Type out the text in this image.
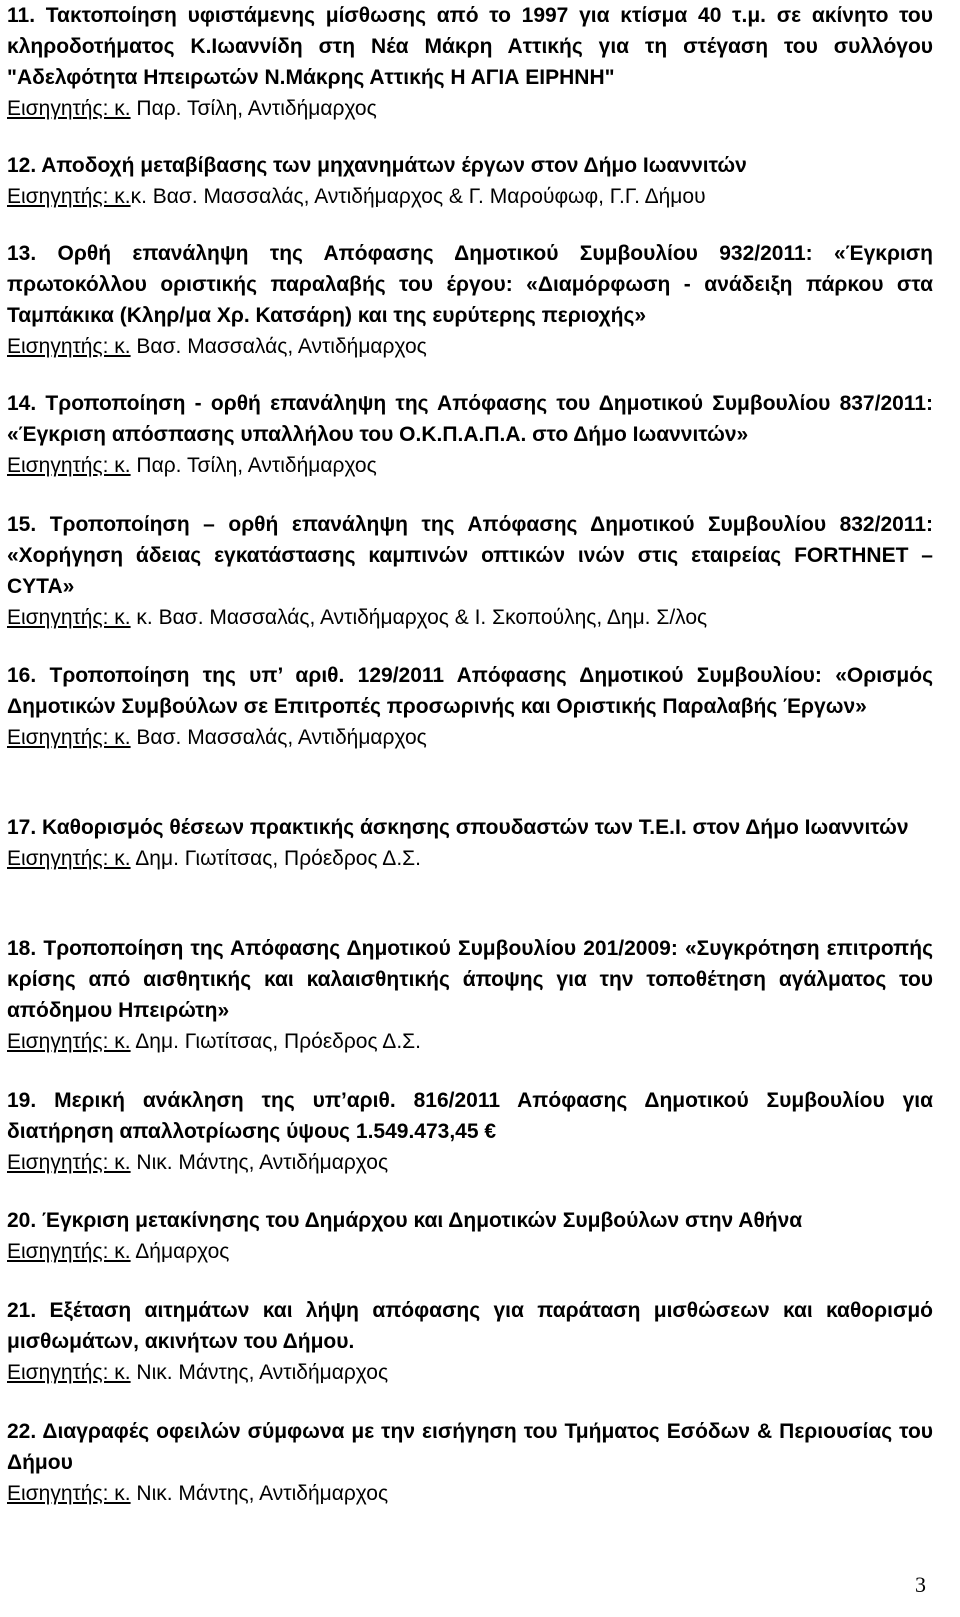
11. Τακτοποίηση υφιστάμενης μίσθωσης από το 1997 για κτίσμα 40 τ.μ. σε ακίνητο του κληροδοτήματος Κ.Ιωαννίδη στη Νέα Μάκρη Αττικής για τη στέγαση του συλλόγου "Αδελφότητα Ηπειρωτών Ν.Μάκρης Αττικής Η ΑΓΙΑ ΕΙΡΗΝΗ"
Εισηγητής: κ. Παρ. Τσίλη, Αντιδήμαρχος
12. Αποδοχή μεταβίβασης των μηχανημάτων έργων στον Δήμο Ιωαννιτών
Εισηγητής: κ.κ. Βασ. Μασσαλάς, Αντιδήμαρχος & Γ. Μαρούφωφ, Γ.Γ. Δήμου
13. Ορθή επανάληψη της Απόφασης Δημοτικού Συμβουλίου 932/2011: «Έγκριση πρωτοκόλλου οριστικής παραλαβής του έργου: «Διαμόρφωση - ανάδειξη πάρκου στα Ταμπάκικα (Κληρ/μα Χρ. Κατσάρη) και της ευρύτερης περιοχής»
Εισηγητής: κ. Βασ. Μασσαλάς, Αντιδήμαρχος
14. Τροποποίηση - ορθή επανάληψη της Απόφασης του Δημοτικού Συμβουλίου 837/2011: «Έγκριση απόσπασης υπαλλήλου του Ο.Κ.Π.Α.Π.Α. στο Δήμο Ιωαννιτών»
Εισηγητής: κ. Παρ. Τσίλη, Αντιδήμαρχος
15. Τροποποίηση – ορθή επανάληψη της Απόφασης Δημοτικού Συμβουλίου 832/2011: «Χορήγηση άδειας εγκατάστασης καμπινών οπτικών ινών στις εταιρείας FORTHNET – CYTA»
Εισηγητής: κ. κ. Βασ. Μασσαλάς, Αντιδήμαρχος & Ι. Σκοπούλης, Δημ. Σ/λος
16. Τροποποίηση της υπ’ αριθ. 129/2011 Απόφασης Δημοτικού Συμβουλίου: «Ορισμός Δημοτικών Συμβούλων σε Επιτροπές προσωρινής και Οριστικής Παραλαβής Έργων»
Εισηγητής: κ. Βασ. Μασσαλάς, Αντιδήμαρχος
17. Καθορισμός θέσεων πρακτικής άσκησης σπουδαστών των Τ.Ε.Ι. στον Δήμο Ιωαννιτών
Εισηγητής: κ. Δημ. Γιωτίτσας, Πρόεδρος Δ.Σ.
18. Τροποποίηση της Απόφασης Δημοτικού Συμβουλίου 201/2009: «Συγκρότηση επιτροπής κρίσης από αισθητικής και καλαισθητικής άποψης για την τοποθέτηση αγάλματος του απόδημου Ηπειρώτη»
Εισηγητής: κ. Δημ. Γιωτίτσας, Πρόεδρος Δ.Σ.
19. Μερική ανάκληση της υπ’αριθ. 816/2011 Απόφασης Δημοτικού Συμβουλίου για διατήρηση απαλλοτρίωσης ύψους 1.549.473,45 €
Εισηγητής: κ. Νικ. Μάντης, Αντιδήμαρχος
20. Έγκριση μετακίνησης του Δημάρχου και Δημοτικών Συμβούλων στην Αθήνα
Εισηγητής: κ. Δήμαρχος
21. Εξέταση αιτημάτων και λήψη απόφασης για παράταση μισθώσεων και καθορισμό μισθωμάτων, ακινήτων του Δήμου.
Εισηγητής: κ. Νικ. Μάντης, Αντιδήμαρχος
22. Διαγραφές οφειλών σύμφωνα με την εισήγηση του Τμήματος Εσόδων & Περιουσίας του Δήμου
Εισηγητής: κ. Νικ. Μάντης, Αντιδήμαρχος
3
